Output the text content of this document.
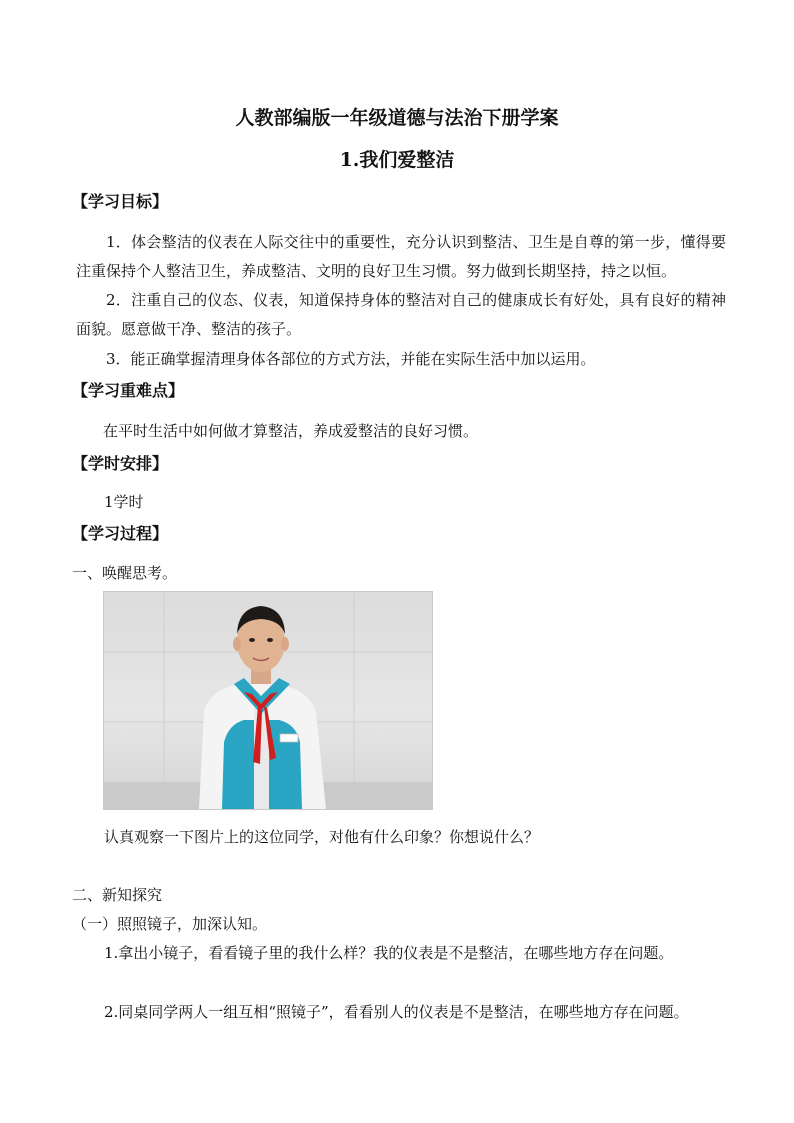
人教部编版一年级道德与法治下册学案
1.我们爱整洁
【学习目标】
1．体会整洁的仪表在人际交往中的重要性，充分认识到整洁、卫生是自尊的第一步，懂得要注重保持个人整洁卫生，养成整洁、文明的良好卫生习惯。努力做到长期坚持，持之以恒。
2．注重自己的仪态、仪表，知道保持身体的整洁对自己的健康成长有好处，具有良好的精神面貌。愿意做干净、整洁的孩子。
3．能正确掌握清理身体各部位的方式方法，并能在实际生活中加以运用。
【学习重难点】
在平时生活中如何做才算整洁，养成爱整洁的良好习惯。
【学时安排】
1学时
【学习过程】
一、唤醒思考。
认真观察一下图片上的这位同学，对他有什么印象？你想说什么？
二、新知探究
（一）照照镜子，加深认知。
1.拿出小镜子，看看镜子里的我什么样？我的仪表是不是整洁，在哪些地方存在问题。
2.同桌同学两人一组互相“照镜子”，看看别人的仪表是不是整洁，在哪些地方存在问题。
